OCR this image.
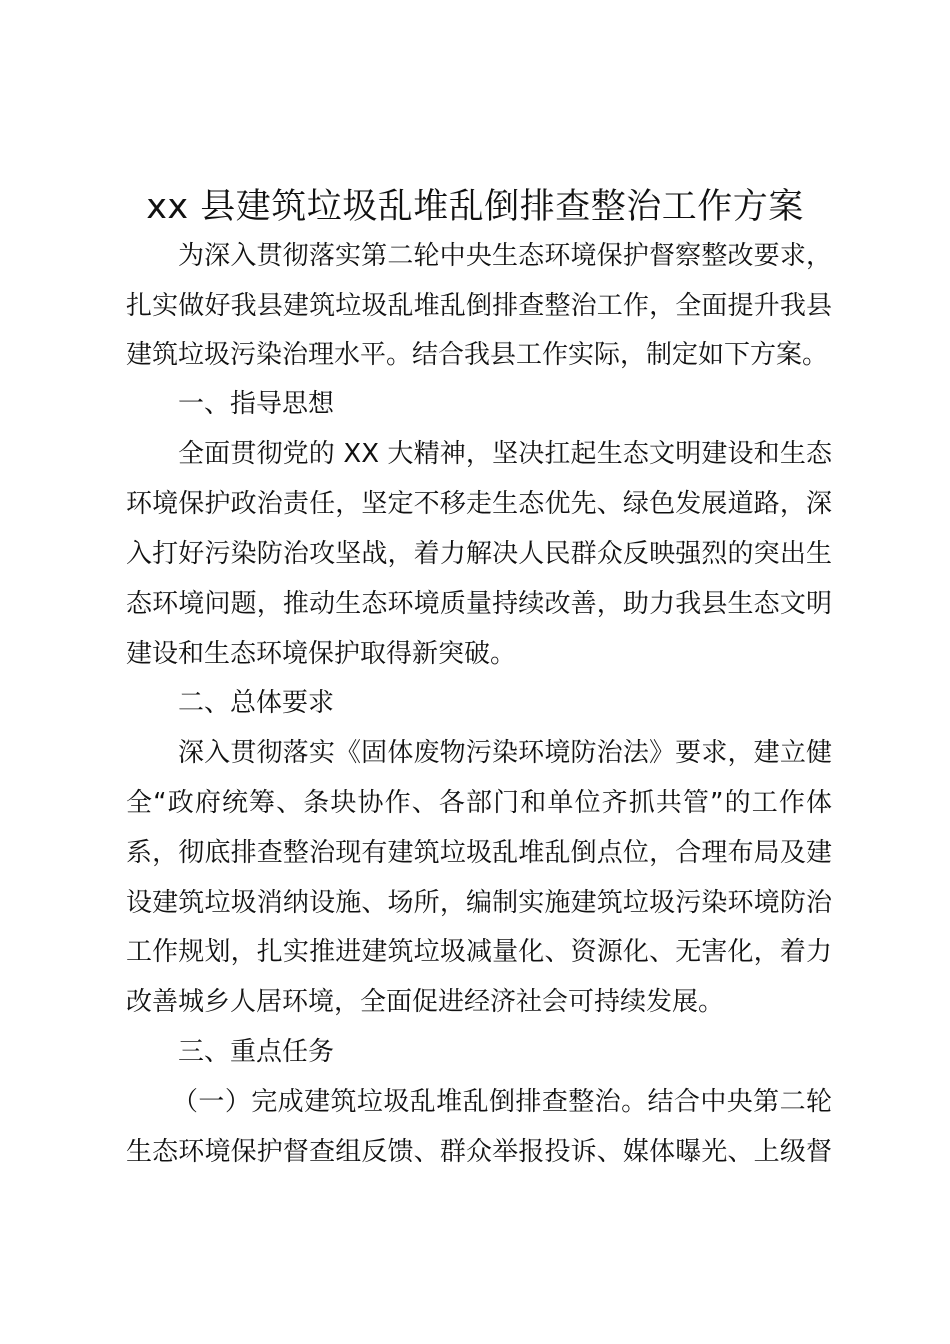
xx 县建筑垃圾乱堆乱倒排查整治工作方案
为深入贯彻落实第二轮中央生态环境保护督察整改要求，
扎实做好我县建筑垃圾乱堆乱倒排查整治工作，全面提升我县
建筑垃圾污染治理水平。结合我县工作实际，制定如下方案。
一、指导思想
全面贯彻党的 XX 大精神，坚决扛起生态文明建设和生态
环境保护政治责任，坚定不移走生态优先、绿色发展道路，深
入打好污染防治攻坚战，着力解决人民群众反映强烈的突出生
态环境问题，推动生态环境质量持续改善，助力我县生态文明
建设和生态环境保护取得新突破。
二、总体要求
深入贯彻落实《固体废物污染环境防治法》要求，建立健
全“政府统筹、条块协作、各部门和单位齐抓共管”的工作体
系，彻底排查整治现有建筑垃圾乱堆乱倒点位，合理布局及建
设建筑垃圾消纳设施、场所，编制实施建筑垃圾污染环境防治
工作规划，扎实推进建筑垃圾减量化、资源化、无害化，着力
改善城乡人居环境，全面促进经济社会可持续发展。
三、重点任务
（一）完成建筑垃圾乱堆乱倒排查整治。结合中央第二轮
生态环境保护督查组反馈、群众举报投诉、媒体曝光、上级督
